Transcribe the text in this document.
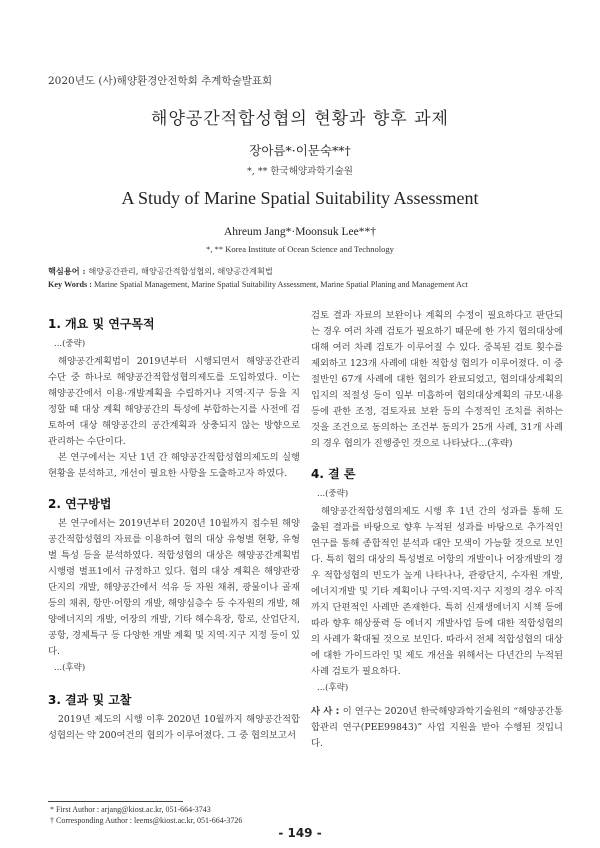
2020년도 (사)해양환경안전학회 추계학술발표회
해양공간적합성협의 현황과 향후 과제
장아름*·이문숙**†
*, ** 한국해양과학기술원
A Study of Marine Spatial Suitability Assessment
Ahreum Jang*·Moonsuk Lee**†
*, ** Korea Institute of Ocean Science and Technology
핵심용어 : 해양공간관리, 해양공간적합성협의, 해양공간계획법
Key Words : Marine Spatial Management, Marine Spatial Suitability Assessment, Marine Spatial Planing and Management Act
1. 개요 및 연구목적
...(중략)

해양공간계획법이 2019년부터 시행되면서 해양공간관리 수단 중 하나로 해양공간적합성협의제도를 도입하였다. 이는 해양공간에서 이용·개발계획을 수립하거나 지역·지구 등을 지정할 때 대상 계획 해양공간의 특성에 부합하는지를 사전에 검토하여 대상 해양공간의 공간계획과 상충되지 않는 방향으로 관리하는 수단이다.

본 연구에서는 지난 1년 간 해양공간적합성협의제도의 실행 현황을 분석하고, 개선이 필요한 사항을 도출하고자 하였다.

2. 연구방법

본 연구에서는 2019년부터 2020년 10월까지 접수된 해양공간적합성협의 자료를 이용하여 협의 대상 유형별 현황, 유형별 특성 등을 분석하였다. 적합성협의 대상은 해양공간계획법 시행령 별표1에서 규정하고 있다. 협의 대상 계획은 해양관광단지의 개발, 해양공간에서 석유 등 자원 채취, 광물이나 골재 등의 채취, 항만·어항의 개발, 해양심층수 등 수자원의 개발, 해양에너지의 개발, 어장의 개발, 기타 해수욕장, 항로, 산업단지, 공항, 경제특구 등 다양한 개발 계획 및 지역·지구 지정 등이 있다.

...(후략)
3. 결과 및 고찰

2019년 제도의 시행 이후 2020년 10월까지 해양공간적합성협의는 약 200여건의 협의가 이루어졌다. 그 중 협의보고서

검토 결과 자료의 보완이나 계획의 수정이 필요하다고 판단되는 경우 여러 차례 검토가 필요하기 때문에 한 가지 협의대상에 대해 여러 차례 검토가 이루어질 수 있다. 중복된 검토 횟수를 제외하고 123개 사례에 대한 적합성 협의가 이루어졌다. 이 중 절반인 67개 사례에 대한 협의가 완료되었고, 협의대상계획의 입지의 적절성 등이 일부 미흡하여 협의대상계획의 규모·내용 등에 관한 조정, 검토자료 보완 등의 수정적인 조치를 취하는 것을 조건으로 동의하는 조건부 동의가 25개 사례, 31개 사례의 경우 협의가 진행중인 것으로 나타났다...(후략)

4. 결 론
...(중략)

해양공간적합성협의제도 시행 후 1년 간의 성과를 통해 도출된 결과를 바탕으로 향후 누적된 성과를 바탕으로 추가적인 연구를 통해 종합적인 분석과 대안 모색이 가능할 것으로 보인다. 특히 협의 대상의 특성별로 어항의 개발이나 어장개발의 경우 적합성협의 빈도가 높게 나타나나, 관광단지, 수자원 개발, 에너지개발 및 기타 계획이나 구역·지역·지구 지정의 경우 아직까지 단편적인 사례만 존재한다. 특히 신재생에너지 시책 등에 따라 향후 해상풍력 등 에너지 개발사업 등에 대한 적합성협의의 사례가 확대될 것으로 보인다. 따라서 전체 적합성협의 대상에 대한 가이드라인 및 제도 개선을 위해서는 다년간의 누적된 사례 검토가 필요하다.

...(후략)

사 사 : 이 연구는 2020년 한국해양과학기술원의 “해양공간통합관리 연구(PEE99843)” 사업 지원을 받아 수행된 것입니다.

* First Author : arjang@kiost.ac.kr, 051-664-3743
† Corresponding Author : leems@kiost.ac.kr, 051-664-3726
- 149 -
